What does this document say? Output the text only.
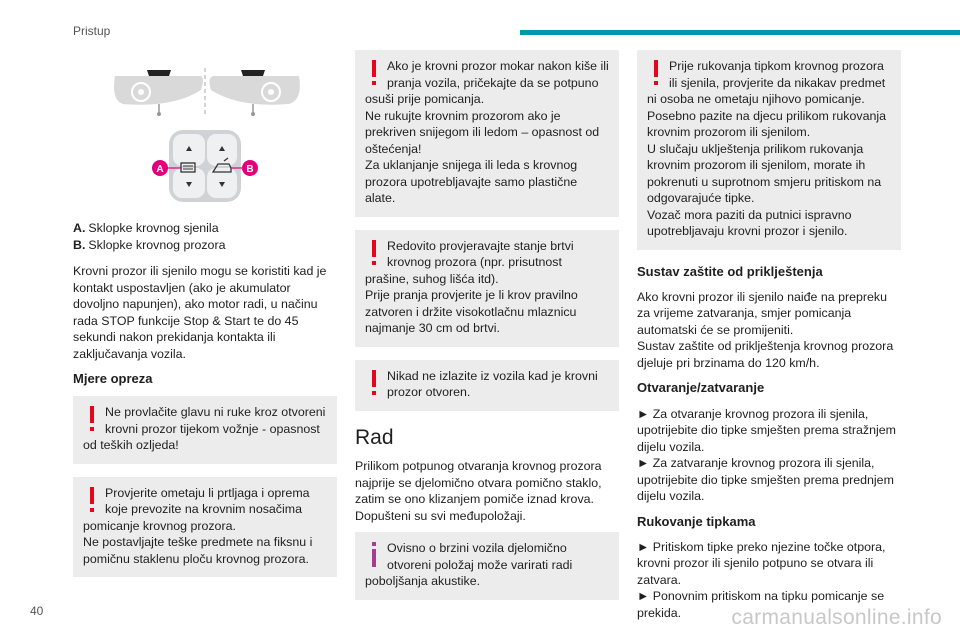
Pristup
A	B
A. Sklopke krovnog sjenila
B. Sklopke krovnog prozora

Krovni prozor ili sjenilo mogu se koristiti kad je kontakt uspostavljen (ako je akumulator dovoljno napunjen), ako motor radi, u načinu rada STOP funkcije Stop & Start te do 45 sekundi nakon prekidanja kontakta ili zaključavanja vozila.

Mjere opreza

Ne provlačite glavu ni ruke kroz otvoreni krovni prozor tijekom vožnje - opasnost od teških ozljeda!

Provjerite ometaju li prtljaga i oprema koje prevozite na krovnim nosačima pomicanje krovnog prozora.
Ne postavljajte teške predmete na fiksnu i pomičnu staklenu ploču krovnog prozora.

Ako je krovni prozor mokar nakon kiše ili pranja vozila, pričekajte da se potpuno osuši prije pomicanja.
Ne rukujte krovnim prozorom ako je prekriven snijegom ili ledom – opasnost od oštećenja!
Za uklanjanje snijega ili leda s krovnog prozora upotrebljavajte samo plastične alate.

Redovito provjeravajte stanje brtvi krovnog prozora (npr. prisutnost prašine, suhog lišća itd).
Prije pranja provjerite je li krov pravilno zatvoren i držite visokotlačnu mlaznicu najmanje 30 cm od brtvi.

Nikad ne izlazite iz vozila kad je krovni prozor otvoren.

Rad

Prilikom potpunog otvaranja krovnog prozora najprije se djelomično otvara pomično staklo, zatim se ono klizanjem pomiče iznad krova.
Dopušteni su svi međupoložaji.

Ovisno o brzini vozila djelomično otvoreni položaj može varirati radi poboljšanja akustike.

Prije rukovanja tipkom krovnog prozora ili sjenila, provjerite da nikakav predmet ni osoba ne ometaju njihovo pomicanje.
Posebno pazite na djecu prilikom rukovanja krovnim prozorom ili sjenilom.
U slučaju uklještenja prilikom rukovanja krovnim prozorom ili sjenilom, morate ih pokrenuti u suprotnom smjeru pritiskom na odgovarajuće tipke.
Vozač mora paziti da putnici ispravno upotrebljavaju krovni prozor i sjenilo.

Sustav zaštite od priklještenja

Ako krovni prozor ili sjenilo naiđe na prepreku za vrijeme zatvaranja, smjer pomicanja automatski će se promijeniti.
Sustav zaštite od priklještenja krovnog prozora djeluje pri brzinama do 120 km/h.

Otvaranje/zatvaranje

► Za otvaranje krovnog prozora ili sjenila, upotrijebite dio tipke smješten prema stražnjem dijelu vozila.
► Za zatvaranje krovnog prozora ili sjenila, upotrijebite dio tipke smješten prema prednjem dijelu vozila.

Rukovanje tipkama

► Pritiskom tipke preko njezine točke otpora, krovni prozor ili sjenilo potpuno se otvara ili zatvara.
► Ponovnim pritiskom na tipku pomicanje se prekida.

40	carmanualsonline.info
